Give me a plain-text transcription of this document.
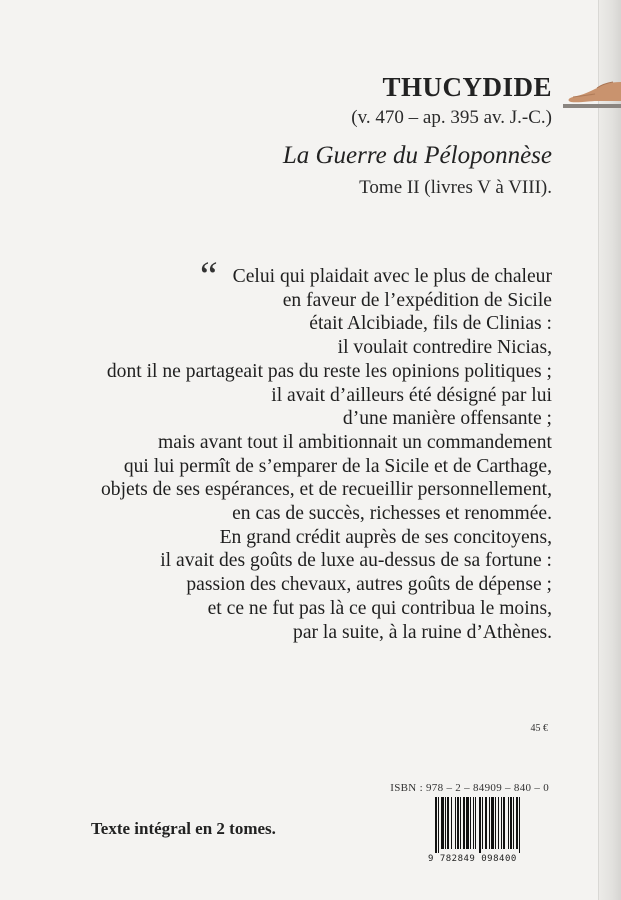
THUCYDIDE
(v. 470 – ap. 395 av. J.-C.)
La Guerre du Péloponnèse
Tome II (livres V à VIII).
“ Celui qui plaidait avec le plus de chaleur
en faveur de l’expédition de Sicile
était Alcibiade, fils de Clinias :
il voulait contredire Nicias,
dont il ne partageait pas du reste les opinions politiques ;
il avait d’ailleurs été désigné par lui
d’une manière offensante ;
mais avant tout il ambitionnait un commandement
qui lui permît de s’emparer de la Sicile et de Carthage,
objets de ses espérances, et de recueillir personnellement,
en cas de succès, richesses et renommée.
En grand crédit auprès de ses concitoyens,
il avait des goûts de luxe au-dessus de sa fortune :
passion des chevaux, autres goûts de dépense ;
et ce ne fut pas là ce qui contribua le moins,
par la suite, à la ruine d’Athènes.
45 €
ISBN : 978 – 2 – 84909 – 840 – 0
9 782849 098400
Texte intégral en 2 tomes.
